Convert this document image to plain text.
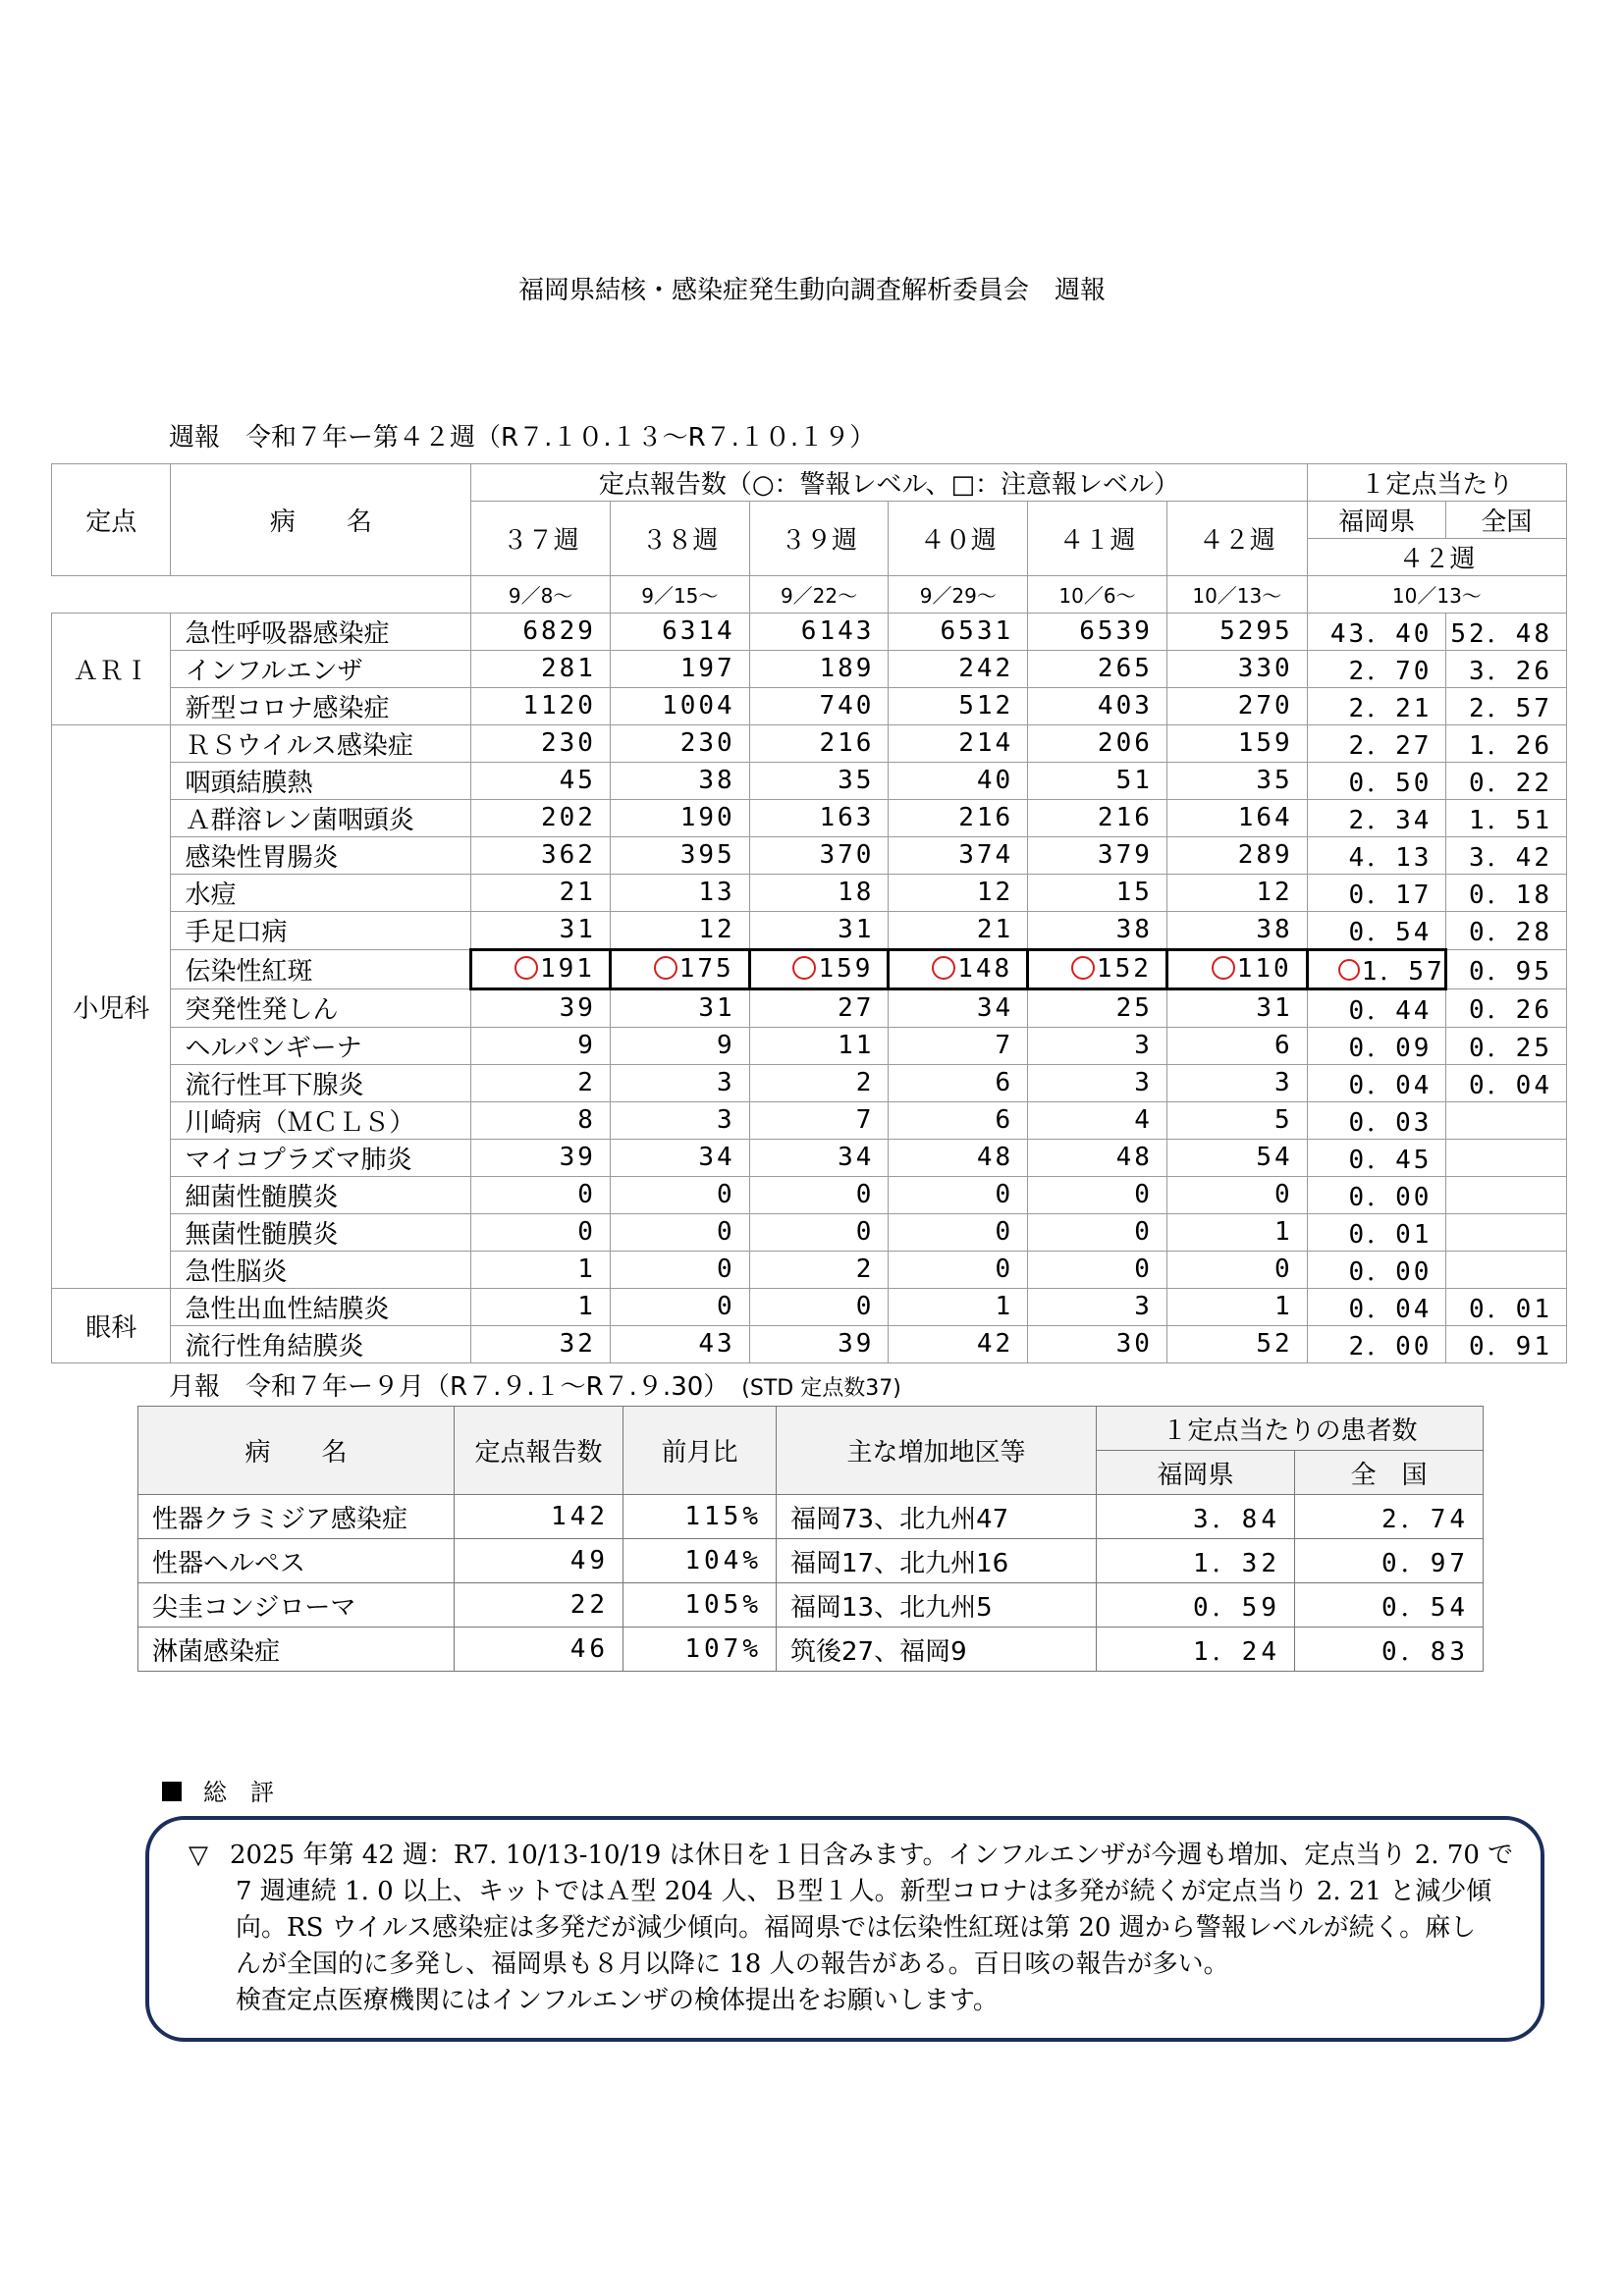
福岡県結核・感染症発生動向調査解析委員会　週報
週報　令和７年ー第４２週（R７.１０.１３〜R７.１０.１９）
定点	病　　名	定点報告数（○：警報レベル、□：注意報レベル）						１定点当たり	
		３７週	３８週	３９週	４０週	４１週	４２週	福岡県	全国
								４２週	
		9／8〜	9／15〜	9／22〜	9／29〜	10／6〜	10／13〜	10／13〜	
ＡＲＩ	急性呼吸器感染症	6829	6314	6143	6531	6539	5295	43．40	52．48
	インフルエンザ	281	197	189	242	265	330	2．70	3．26
	新型コロナ感染症	1120	1004	740	512	403	270	2．21	2．57
小児科	ＲＳウイルス感染症	230	230	216	214	206	159	2．27	1．26
	咽頭結膜熱	45	38	35	40	51	35	0．50	0．22
	Ａ群溶レン菌咽頭炎	202	190	163	216	216	164	2．34	1．51
	感染性胃腸炎	362	395	370	374	379	289	4．13	3．42
	水痘	21	13	18	12	15	12	0．17	0．18
	手足口病	31	12	31	21	38	38	0．54	0．28
	伝染性紅斑	191	175	159	148	152	110	1．57	0．95
	突発性発しん	39	31	27	34	25	31	0．44	0．26
	ヘルパンギーナ	9	9	11	7	3	6	0．09	0．25
	流行性耳下腺炎	2	3	2	6	3	3	0．04	0．04
	川崎病（ＭＣＬＳ）	8	3	7	6	4	5	0．03	
	マイコプラズマ肺炎	39	34	34	48	48	54	0．45	
	細菌性髄膜炎	0	0	0	0	0	0	0．00	
	無菌性髄膜炎	0	0	0	0	0	1	0．01	
	急性脳炎	1	0	2	0	0	0	0．00	
眼科	急性出血性結膜炎	1	0	0	1	3	1	0．04	0．01
	流行性角結膜炎	32	43	39	42	30	52	2．00	0．91
月報　令和７年ー９月（R７.９.１〜R７.９.30）　 (STD 定点数37)
病　　名	定点報告数	前月比	主な増加地区等	１定点当たりの患者数	
				福岡県	全　国
性器クラミジア感染症	142	115%	福岡73、北九州47	3．84	2．74
性器ヘルペス	49	104%	福岡17、北九州16	1．32	0．97
尖圭コンジローマ	22	105%	福岡13、北九州5	0．59	0．54
淋菌感染症	46	107%	筑後27、福岡9	1．24	0．83
総　評

▽ 2025 年第 42 週：R7. 10/13-10/19 は休日を１日含みます。インフルエンザが今週も増加、定点当り 2. 70 で

7 週連続 1. 0 以上、キットではＡ型 204 人、Ｂ型１人。新型コロナは多発が続くが定点当り 2. 21 と減少傾
向。RS ウイルス感染症は多発だが減少傾向。福岡県では伝染性紅斑は第 20 週から警報レベルが続く。麻し
んが全国的に多発し、福岡県も８月以降に 18 人の報告がある。百日咳の報告が多い。
検査定点医療機関にはインフルエンザの検体提出をお願いします。
